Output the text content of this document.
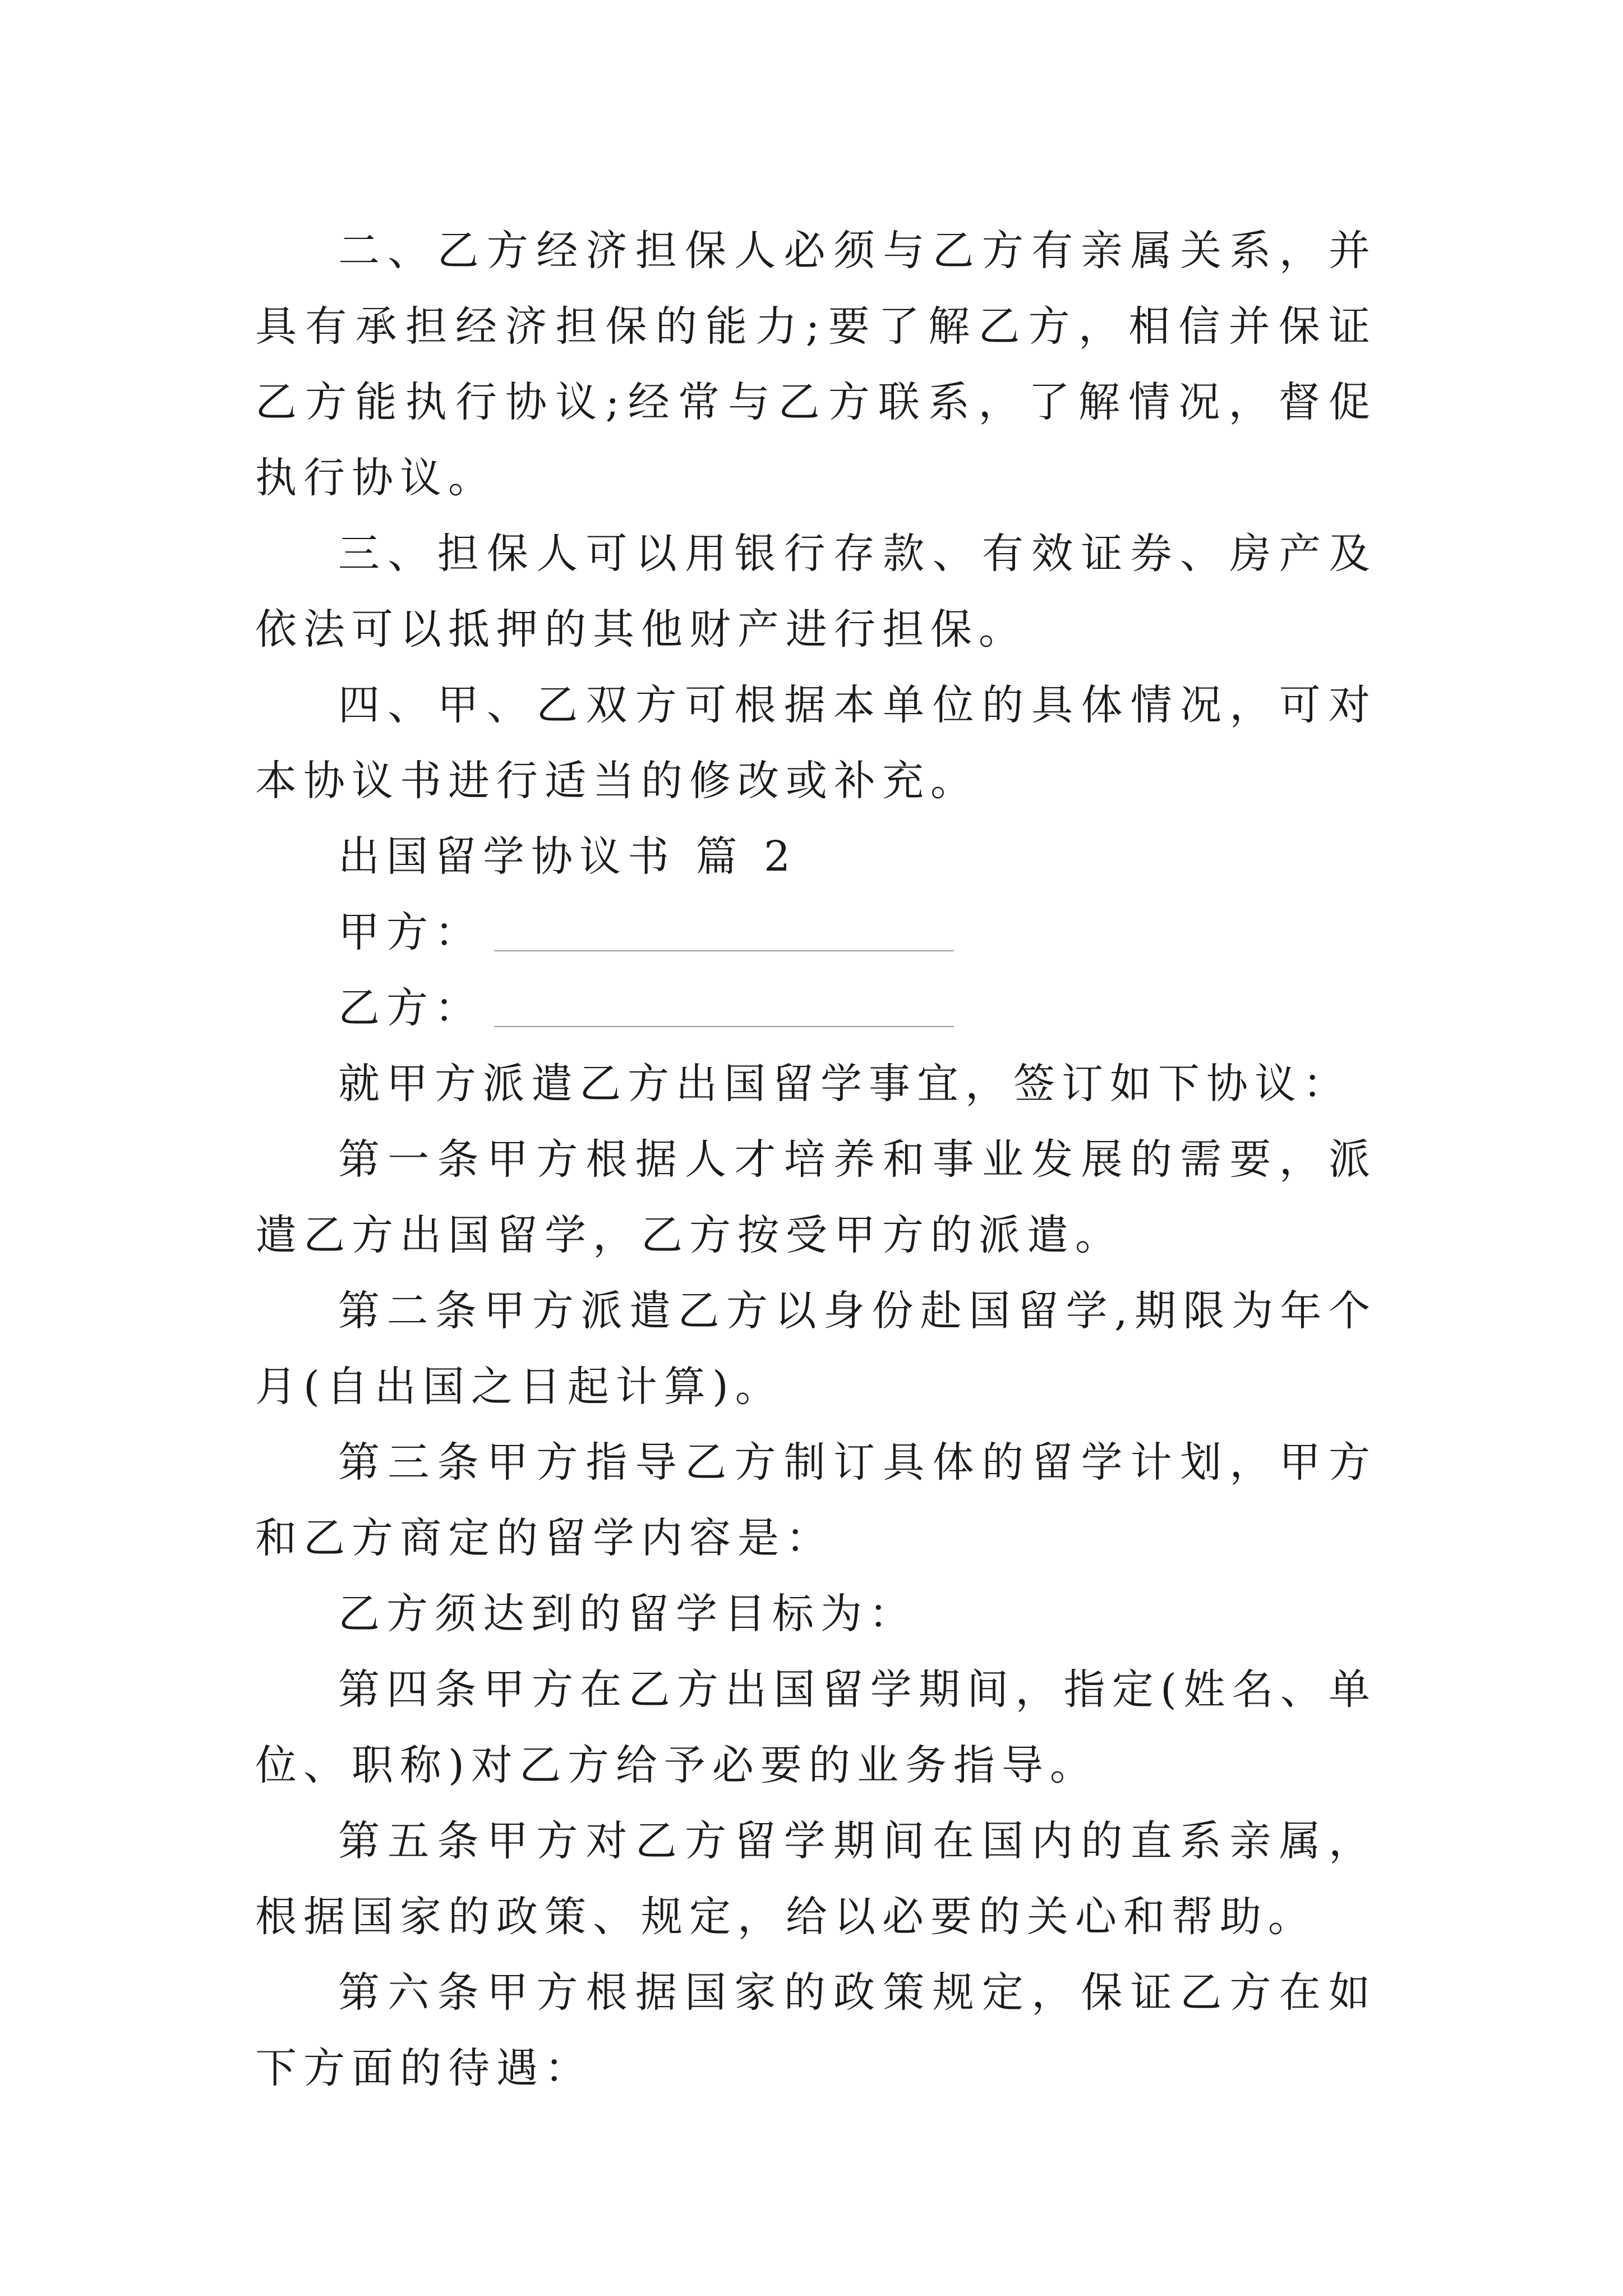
二、乙方经济担保人必须与乙方有亲属关系，并具有承担经济担保的能力;要了解乙方，相信并保证乙方能执行协议;经常与乙方联系，了解情况，督促执行协议。

三、担保人可以用银行存款、有效证券、房产及依法可以抵押的其他财产进行担保。

四、甲、乙双方可根据本单位的具体情况，可对本协议书进行适当的修改或补充。

出国留学协议书 篇 2

甲方：
乙方：

就甲方派遣乙方出国留学事宜，签订如下协议：

第一条甲方根据人才培养和事业发展的需要，派遣乙方出国留学，乙方按受甲方的派遣。

第二条甲方派遣乙方以身份赴国留学,期限为年个月(自出国之日起计算)。

第三条甲方指导乙方制订具体的留学计划，甲方和乙方商定的留学内容是：

乙方须达到的留学目标为：

第四条甲方在乙方出国留学期间，指定(姓名、单位、职称)对乙方给予必要的业务指导。

第五条甲方对乙方留学期间在国内的直系亲属，根据国家的政策、规定，给以必要的关心和帮助。

第六条甲方根据国家的政策规定，保证乙方在如下方面的待遇：
